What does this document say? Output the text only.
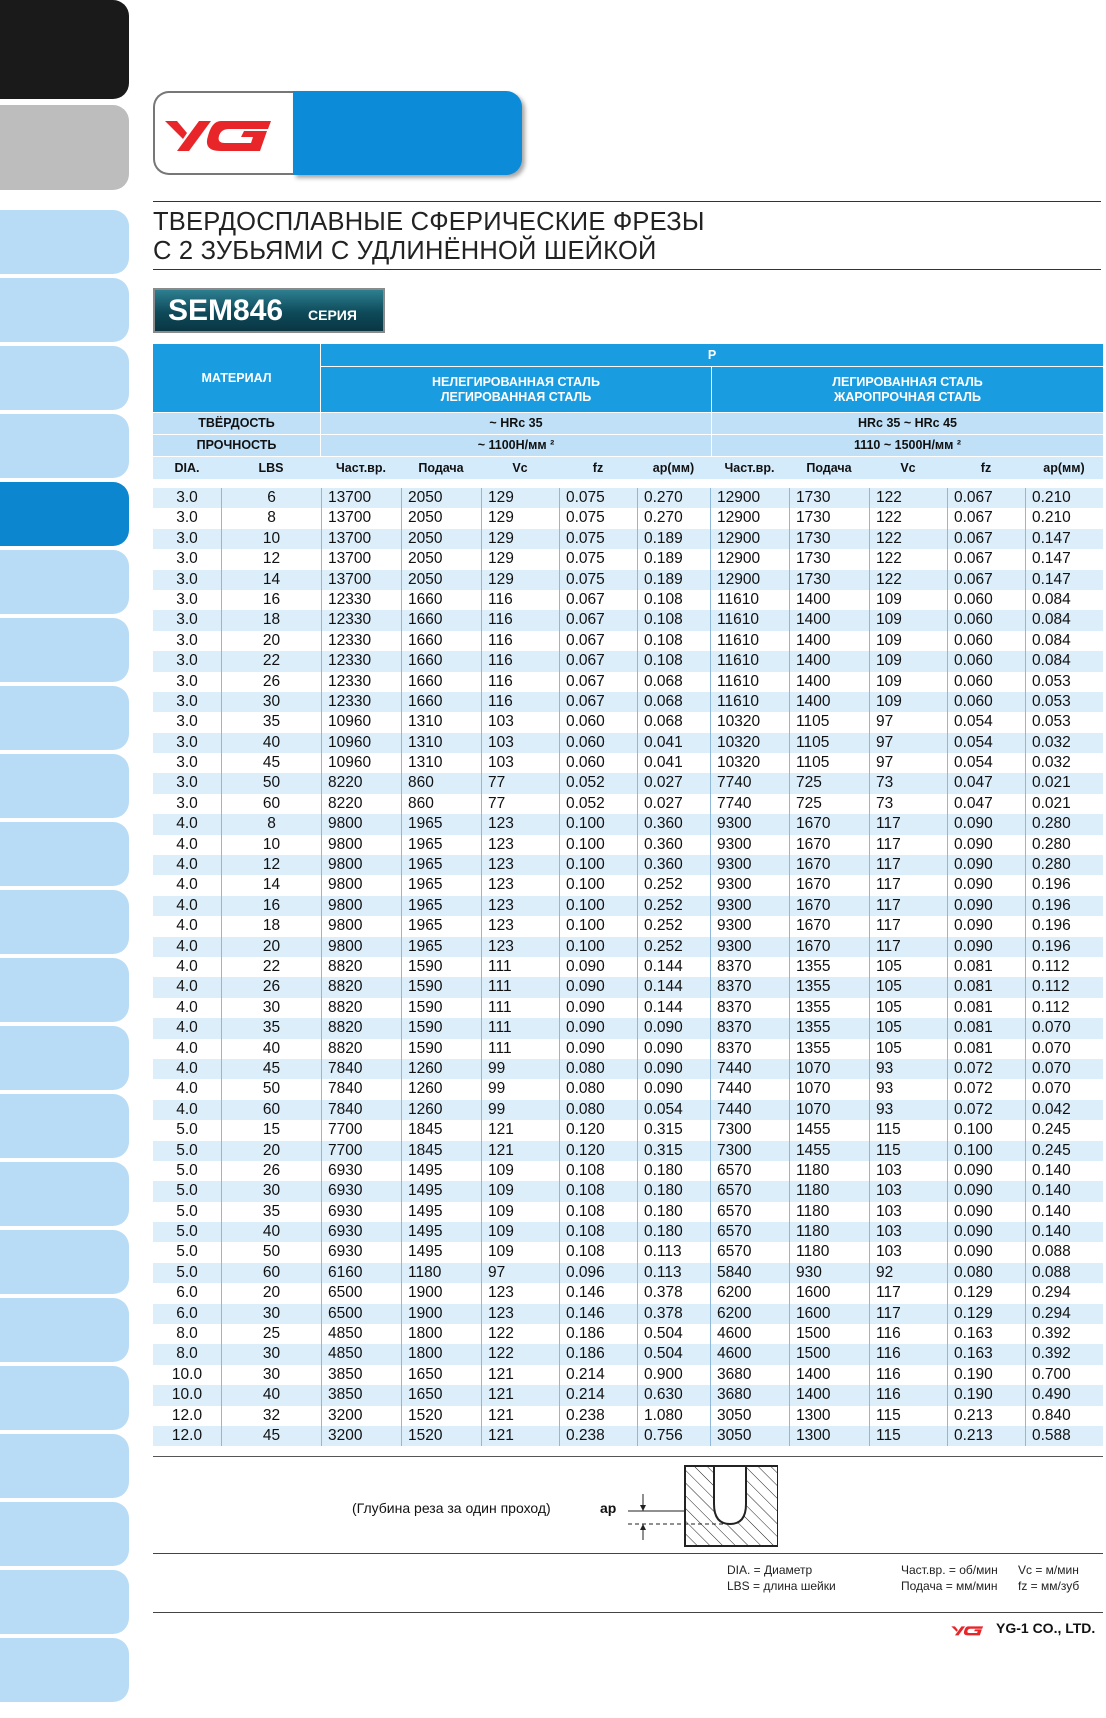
ТВЕРДОСПЛАВНЫЕ СФЕРИЧЕСКИЕ ФРЕЗЫ
С 2 ЗУБЬЯМИ С УДЛИНЁННОЙ ШЕЙКОЙ
SEM846 СЕРИЯ
МАТЕРИАЛ
P
НЕЛЕГИРОВАННАЯ СТАЛЬ
ЛЕГИРОВАННАЯ СТАЛЬ
ЛЕГИРОВАННАЯ СТАЛЬ
ЖАРОПРОЧНАЯ СТАЛЬ
ТВЁРДОСТЬ	~ HRc 35	HRc 35 ~ HRc 45
ПРОЧНОСТЬ	~ 1100Н/мм ²	1110 ~ 1500Н/мм ²
DIA.	LBS	Част.вр.	Подача	Vc	fz	ap(мм)	Част.вр.	Подача	Vc	fz	ap(мм)
3.0	6	13700	2050	129	0.075	0.270	12900	1730	122	0.067	0.210
3.0	8	13700	2050	129	0.075	0.270	12900	1730	122	0.067	0.210
3.0	10	13700	2050	129	0.075	0.189	12900	1730	122	0.067	0.147
3.0	12	13700	2050	129	0.075	0.189	12900	1730	122	0.067	0.147
3.0	14	13700	2050	129	0.075	0.189	12900	1730	122	0.067	0.147
3.0	16	12330	1660	116	0.067	0.108	11610	1400	109	0.060	0.084
3.0	18	12330	1660	116	0.067	0.108	11610	1400	109	0.060	0.084
3.0	20	12330	1660	116	0.067	0.108	11610	1400	109	0.060	0.084
3.0	22	12330	1660	116	0.067	0.108	11610	1400	109	0.060	0.084
3.0	26	12330	1660	116	0.067	0.068	11610	1400	109	0.060	0.053
3.0	30	12330	1660	116	0.067	0.068	11610	1400	109	0.060	0.053
3.0	35	10960	1310	103	0.060	0.068	10320	1105	97	0.054	0.053
3.0	40	10960	1310	103	0.060	0.041	10320	1105	97	0.054	0.032
3.0	45	10960	1310	103	0.060	0.041	10320	1105	97	0.054	0.032
3.0	50	8220	860	77	0.052	0.027	7740	725	73	0.047	0.021
3.0	60	8220	860	77	0.052	0.027	7740	725	73	0.047	0.021
4.0	8	9800	1965	123	0.100	0.360	9300	1670	117	0.090	0.280
4.0	10	9800	1965	123	0.100	0.360	9300	1670	117	0.090	0.280
4.0	12	9800	1965	123	0.100	0.360	9300	1670	117	0.090	0.280
4.0	14	9800	1965	123	0.100	0.252	9300	1670	117	0.090	0.196
4.0	16	9800	1965	123	0.100	0.252	9300	1670	117	0.090	0.196
4.0	18	9800	1965	123	0.100	0.252	9300	1670	117	0.090	0.196
4.0	20	9800	1965	123	0.100	0.252	9300	1670	117	0.090	0.196
4.0	22	8820	1590	111	0.090	0.144	8370	1355	105	0.081	0.112
4.0	26	8820	1590	111	0.090	0.144	8370	1355	105	0.081	0.112
4.0	30	8820	1590	111	0.090	0.144	8370	1355	105	0.081	0.112
4.0	35	8820	1590	111	0.090	0.090	8370	1355	105	0.081	0.070
4.0	40	8820	1590	111	0.090	0.090	8370	1355	105	0.081	0.070
4.0	45	7840	1260	99	0.080	0.090	7440	1070	93	0.072	0.070
4.0	50	7840	1260	99	0.080	0.090	7440	1070	93	0.072	0.070
4.0	60	7840	1260	99	0.080	0.054	7440	1070	93	0.072	0.042
5.0	15	7700	1845	121	0.120	0.315	7300	1455	115	0.100	0.245
5.0	20	7700	1845	121	0.120	0.315	7300	1455	115	0.100	0.245
5.0	26	6930	1495	109	0.108	0.180	6570	1180	103	0.090	0.140
5.0	30	6930	1495	109	0.108	0.180	6570	1180	103	0.090	0.140
5.0	35	6930	1495	109	0.108	0.180	6570	1180	103	0.090	0.140
5.0	40	6930	1495	109	0.108	0.180	6570	1180	103	0.090	0.140
5.0	50	6930	1495	109	0.108	0.113	6570	1180	103	0.090	0.088
5.0	60	6160	1180	97	0.096	0.113	5840	930	92	0.080	0.088
6.0	20	6500	1900	123	0.146	0.378	6200	1600	117	0.129	0.294
6.0	30	6500	1900	123	0.146	0.378	6200	1600	117	0.129	0.294
8.0	25	4850	1800	122	0.186	0.504	4600	1500	116	0.163	0.392
8.0	30	4850	1800	122	0.186	0.504	4600	1500	116	0.163	0.392
10.0	30	3850	1650	121	0.214	0.900	3680	1400	116	0.190	0.700
10.0	40	3850	1650	121	0.214	0.630	3680	1400	116	0.190	0.490
12.0	32	3200	1520	121	0.238	1.080	3050	1300	115	0.213	0.840
12.0	45	3200	1520	121	0.238	0.756	3050	1300	115	0.213	0.588
(Глубина реза за один проход)	ap
DIA. = Диаметр
LBS = длина шейки
Част.вр. = об/мин
Подача = мм/мин
Vc = м/мин
fz = мм/зуб
YG-1 CO., LTD.
